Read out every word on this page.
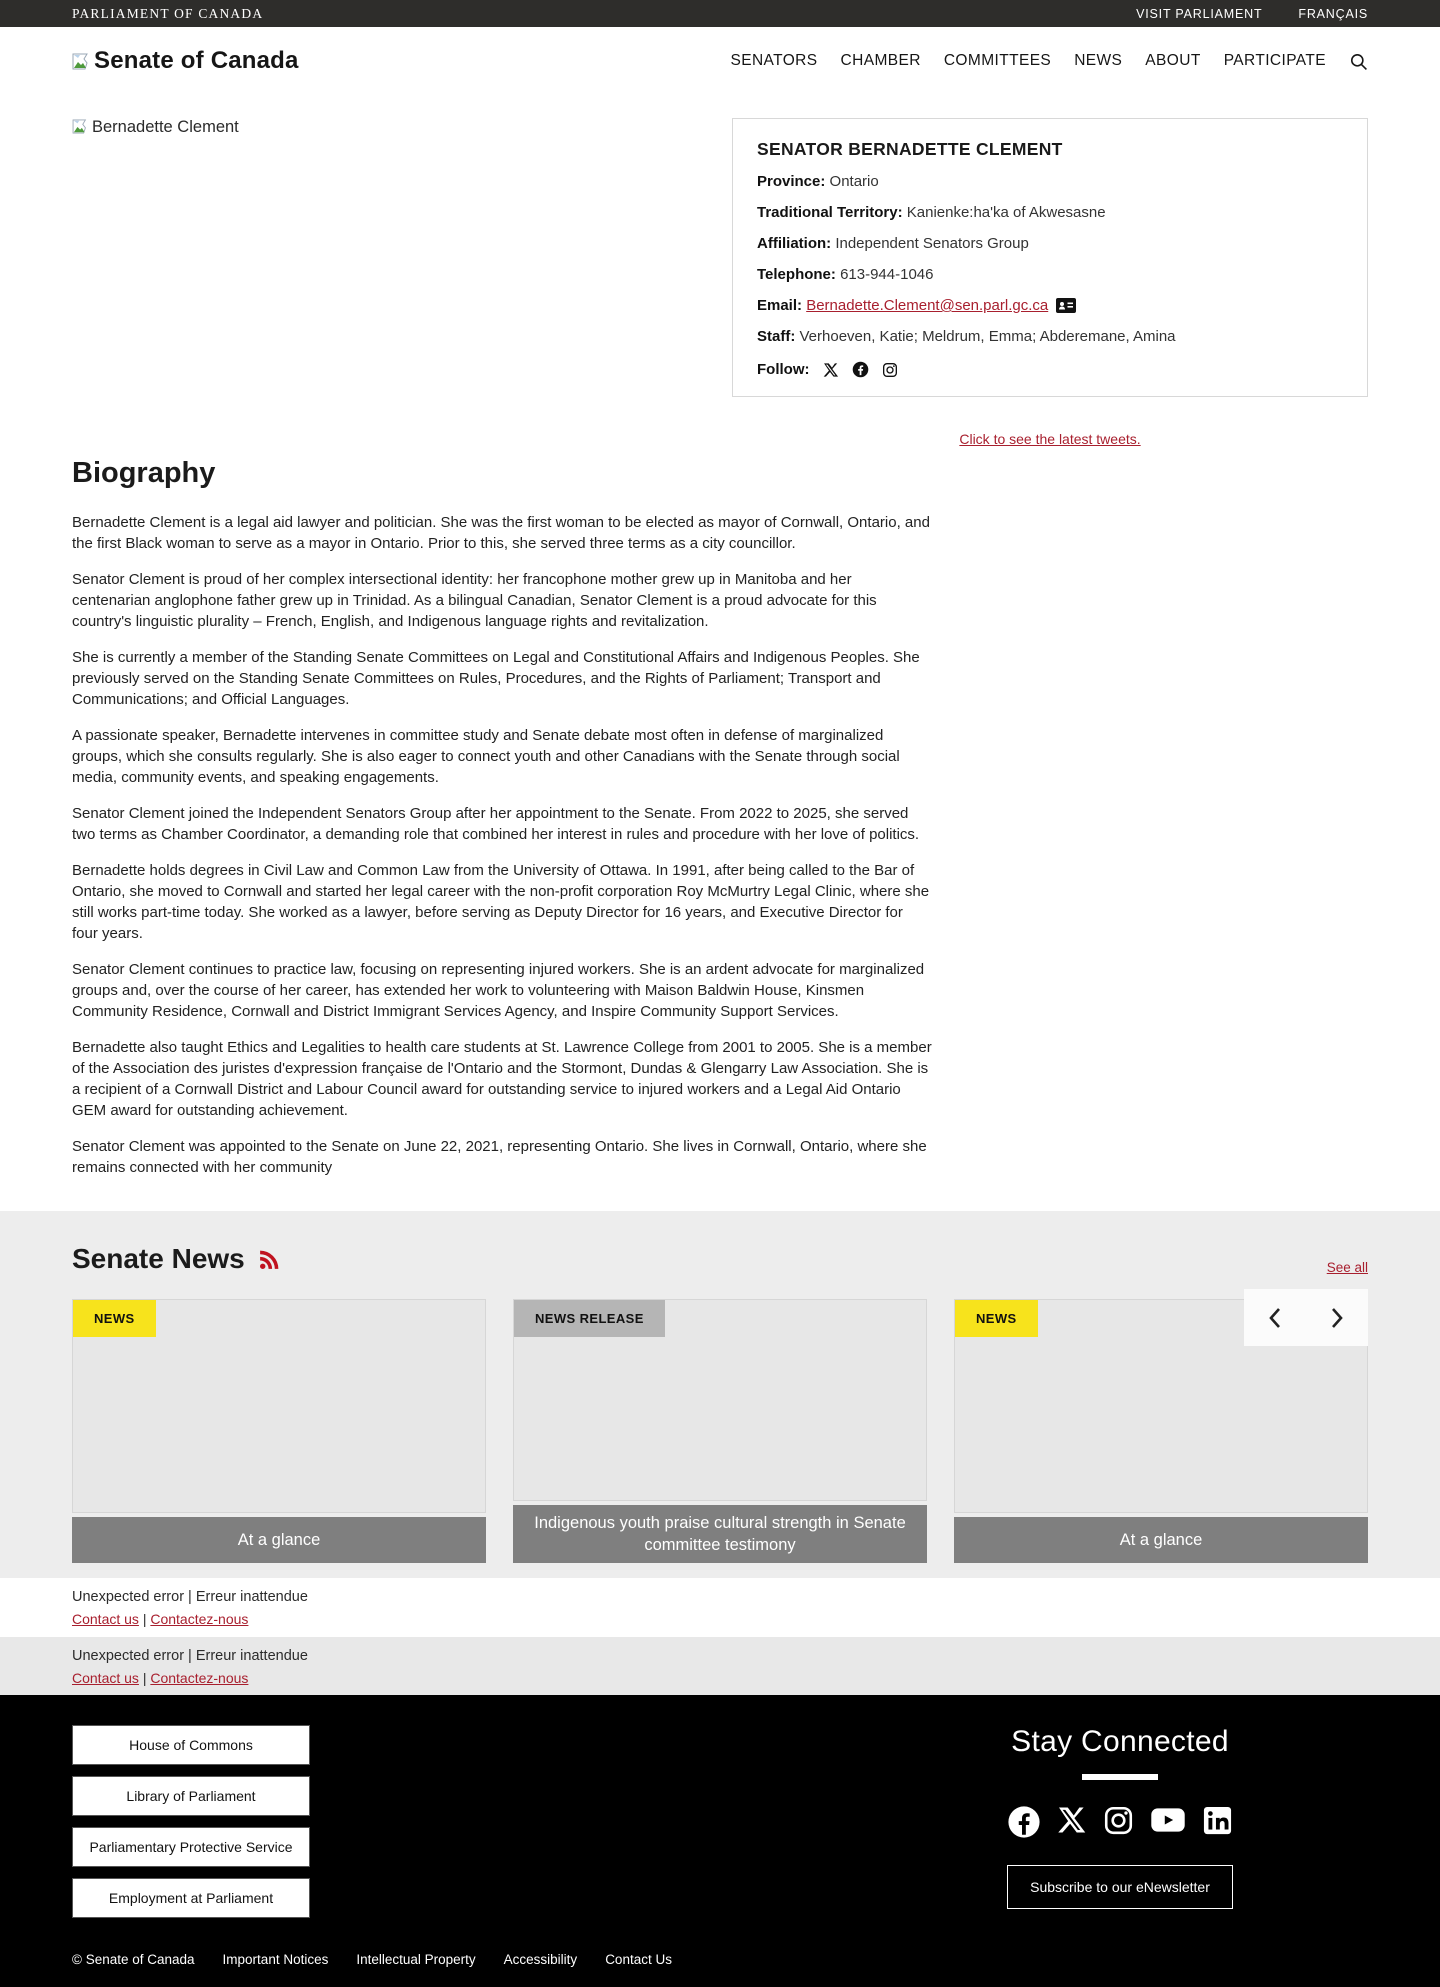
PARLIAMENT OF CANADA	VISIT PARLIAMENT	FRANÇAIS
Senate of Canada	SENATORS CHAMBER COMMITTEES NEWS ABOUT PARTICIPATE
Bernadette Clement

SENATOR BERNADETTE CLEMENT

Province: Ontario
Traditional Territory: Kanienke:ha'ka of Akwesasne
Affiliation: Independent Senators Group
Telephone: 613-944-1046
Email: Bernadette.Clement@sen.parl.gc.ca
Staff: Verhoeven, Katie; Meldrum, Emma; Abderemane, Amina
Follow:
Click to see the latest tweets.
Biography

Bernadette Clement is a legal aid lawyer and politician. She was the first woman to be elected as mayor of Cornwall, Ontario, and the first Black woman to serve as a mayor in Ontario. Prior to this, she served three terms as a city councillor.

Senator Clement is proud of her complex intersectional identity: her francophone mother grew up in Manitoba and her centenarian anglophone father grew up in Trinidad. As a bilingual Canadian, Senator Clement is a proud advocate for this country's linguistic plurality – French, English, and Indigenous language rights and revitalization.

She is currently a member of the Standing Senate Committees on Legal and Constitutional Affairs and Indigenous Peoples. She previously served on the Standing Senate Committees on Rules, Procedures, and the Rights of Parliament; Transport and Communications; and Official Languages.

A passionate speaker, Bernadette intervenes in committee study and Senate debate most often in defense of marginalized groups, which she consults regularly. She is also eager to connect youth and other Canadians with the Senate through social media, community events, and speaking engagements.

Senator Clement joined the Independent Senators Group after her appointment to the Senate. From 2022 to 2025, she served two terms as Chamber Coordinator, a demanding role that combined her interest in rules and procedure with her love of politics.

Bernadette holds degrees in Civil Law and Common Law from the University of Ottawa. In 1991, after being called to the Bar of Ontario, she moved to Cornwall and started her legal career with the non-profit corporation Roy McMurtry Legal Clinic, where she still works part-time today. She worked as a lawyer, before serving as Deputy Director for 16 years, and Executive Director for four years.

Senator Clement continues to practice law, focusing on representing injured workers. She is an ardent advocate for marginalized groups and, over the course of her career, has extended her work to volunteering with Maison Baldwin House, Kinsmen Community Residence, Cornwall and District Immigrant Services Agency, and Inspire Community Support Services.

Bernadette also taught Ethics and Legalities to health care students at St. Lawrence College from 2001 to 2005. She is a member of the Association des juristes d'expression française de l'Ontario and the Stormont, Dundas & Glengarry Law Association. She is a recipient of a Cornwall District and Labour Council award for outstanding service to injured workers and a Legal Aid Ontario GEM award for outstanding achievement.

Senator Clement was appointed to the Senate on June 22, 2021, representing Ontario. She lives in Cornwall, Ontario, where she remains connected with her community

Senate News	See all
NEWS
At a glance
NEWS RELEASE
Indigenous youth praise cultural strength in Senate committee testimony
NEWS
At a glance
Unexpected error | Erreur inattendue
Contact us | Contactez-nous
Unexpected error | Erreur inattendue
Contact us | Contactez-nous
House of Commons
Library of Parliament
Parliamentary Protective Service
Employment at Parliament
Stay Connected
Subscribe to our eNewsletter
© Senate of Canada Important Notices Intellectual Property Accessibility Contact Us
